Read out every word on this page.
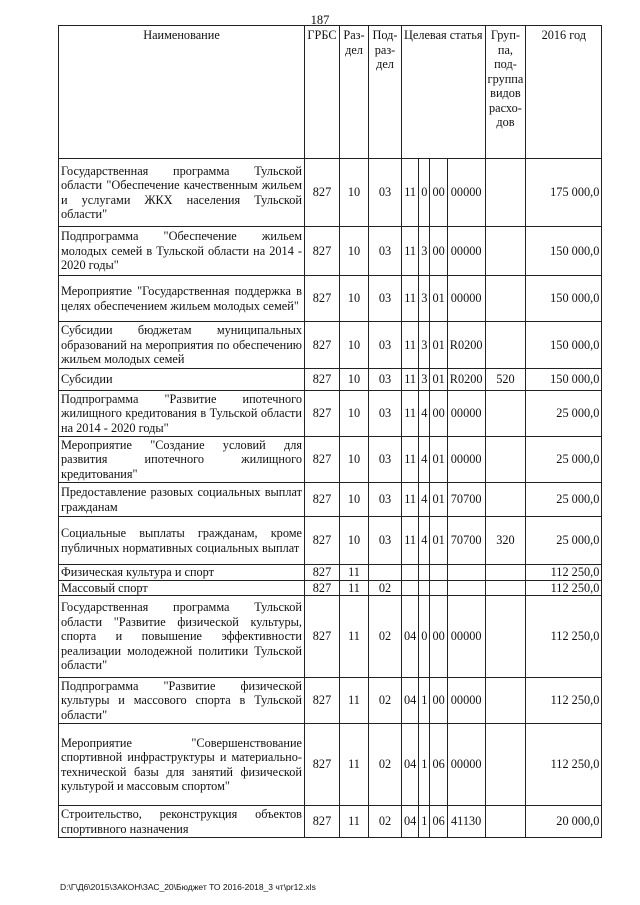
187
Наименование	ГРБС	Раз- дел	Под- раз- дел	Целевая статья				Груп- па, под- группа видов расхо- дов	2016 год
Государственная программа Тульской области "Обеспечение качественным жильем и услугами ЖКХ населения Тульской области"	827	10	03	11	0	00	00000		175 000,0
Подпрограмма "Обеспечение жильем молодых семей в Тульской области на 2014 - 2020 годы"	827	10	03	11	3	00	00000		150 000,0
Мероприятие "Государственная поддержка в целях обеспечением жильем молодых семей"	827	10	03	11	3	01	00000		150 000,0
Субсидии бюджетам муниципальных образований на мероприятия по обеспечению жильем молодых семей	827	10	03	11	3	01	R0200		150 000,0
Субсидии	827	10	03	11	3	01	R0200	520	150 000,0
Подпрограмма "Развитие ипотечного жилищного кредитования в Тульской области на 2014 - 2020 годы"	827	10	03	11	4	00	00000		25 000,0
Мероприятие "Создание условий для развития ипотечного жилищного кредитования"	827	10	03	11	4	01	00000		25 000,0
Предоставление разовых социальных выплат гражданам	827	10	03	11	4	01	70700		25 000,0
Социальные выплаты гражданам, кроме публичных нормативных социальных выплат	827	10	03	11	4	01	70700	320	25 000,0
Физическая культура и спорт	827	11							112 250,0
Массовый спорт	827	11	02						112 250,0
Государственная программа Тульской области "Развитие физической культуры, спорта и повышение эффективности реализации молодежной политики Тульской области"	827	11	02	04	0	00	00000		112 250,0
Подпрограмма "Развитие физической культуры и массового спорта в Тульской области"	827	11	02	04	1	00	00000		112 250,0
Мероприятие "Совершенствование спортивной инфраструктуры и материально-технической базы для занятий физической культурой и массовым спортом"	827	11	02	04	1	06	00000		112 250,0
Строительство, реконструкция объектов спортивного назначения	827	11	02	04	1	06	41130		20 000,0
D:\Г\Д6\2015\ЗАКОН\ЗАС_20\Бюджет ТО 2016-2018_3 чт\pr12.xls
